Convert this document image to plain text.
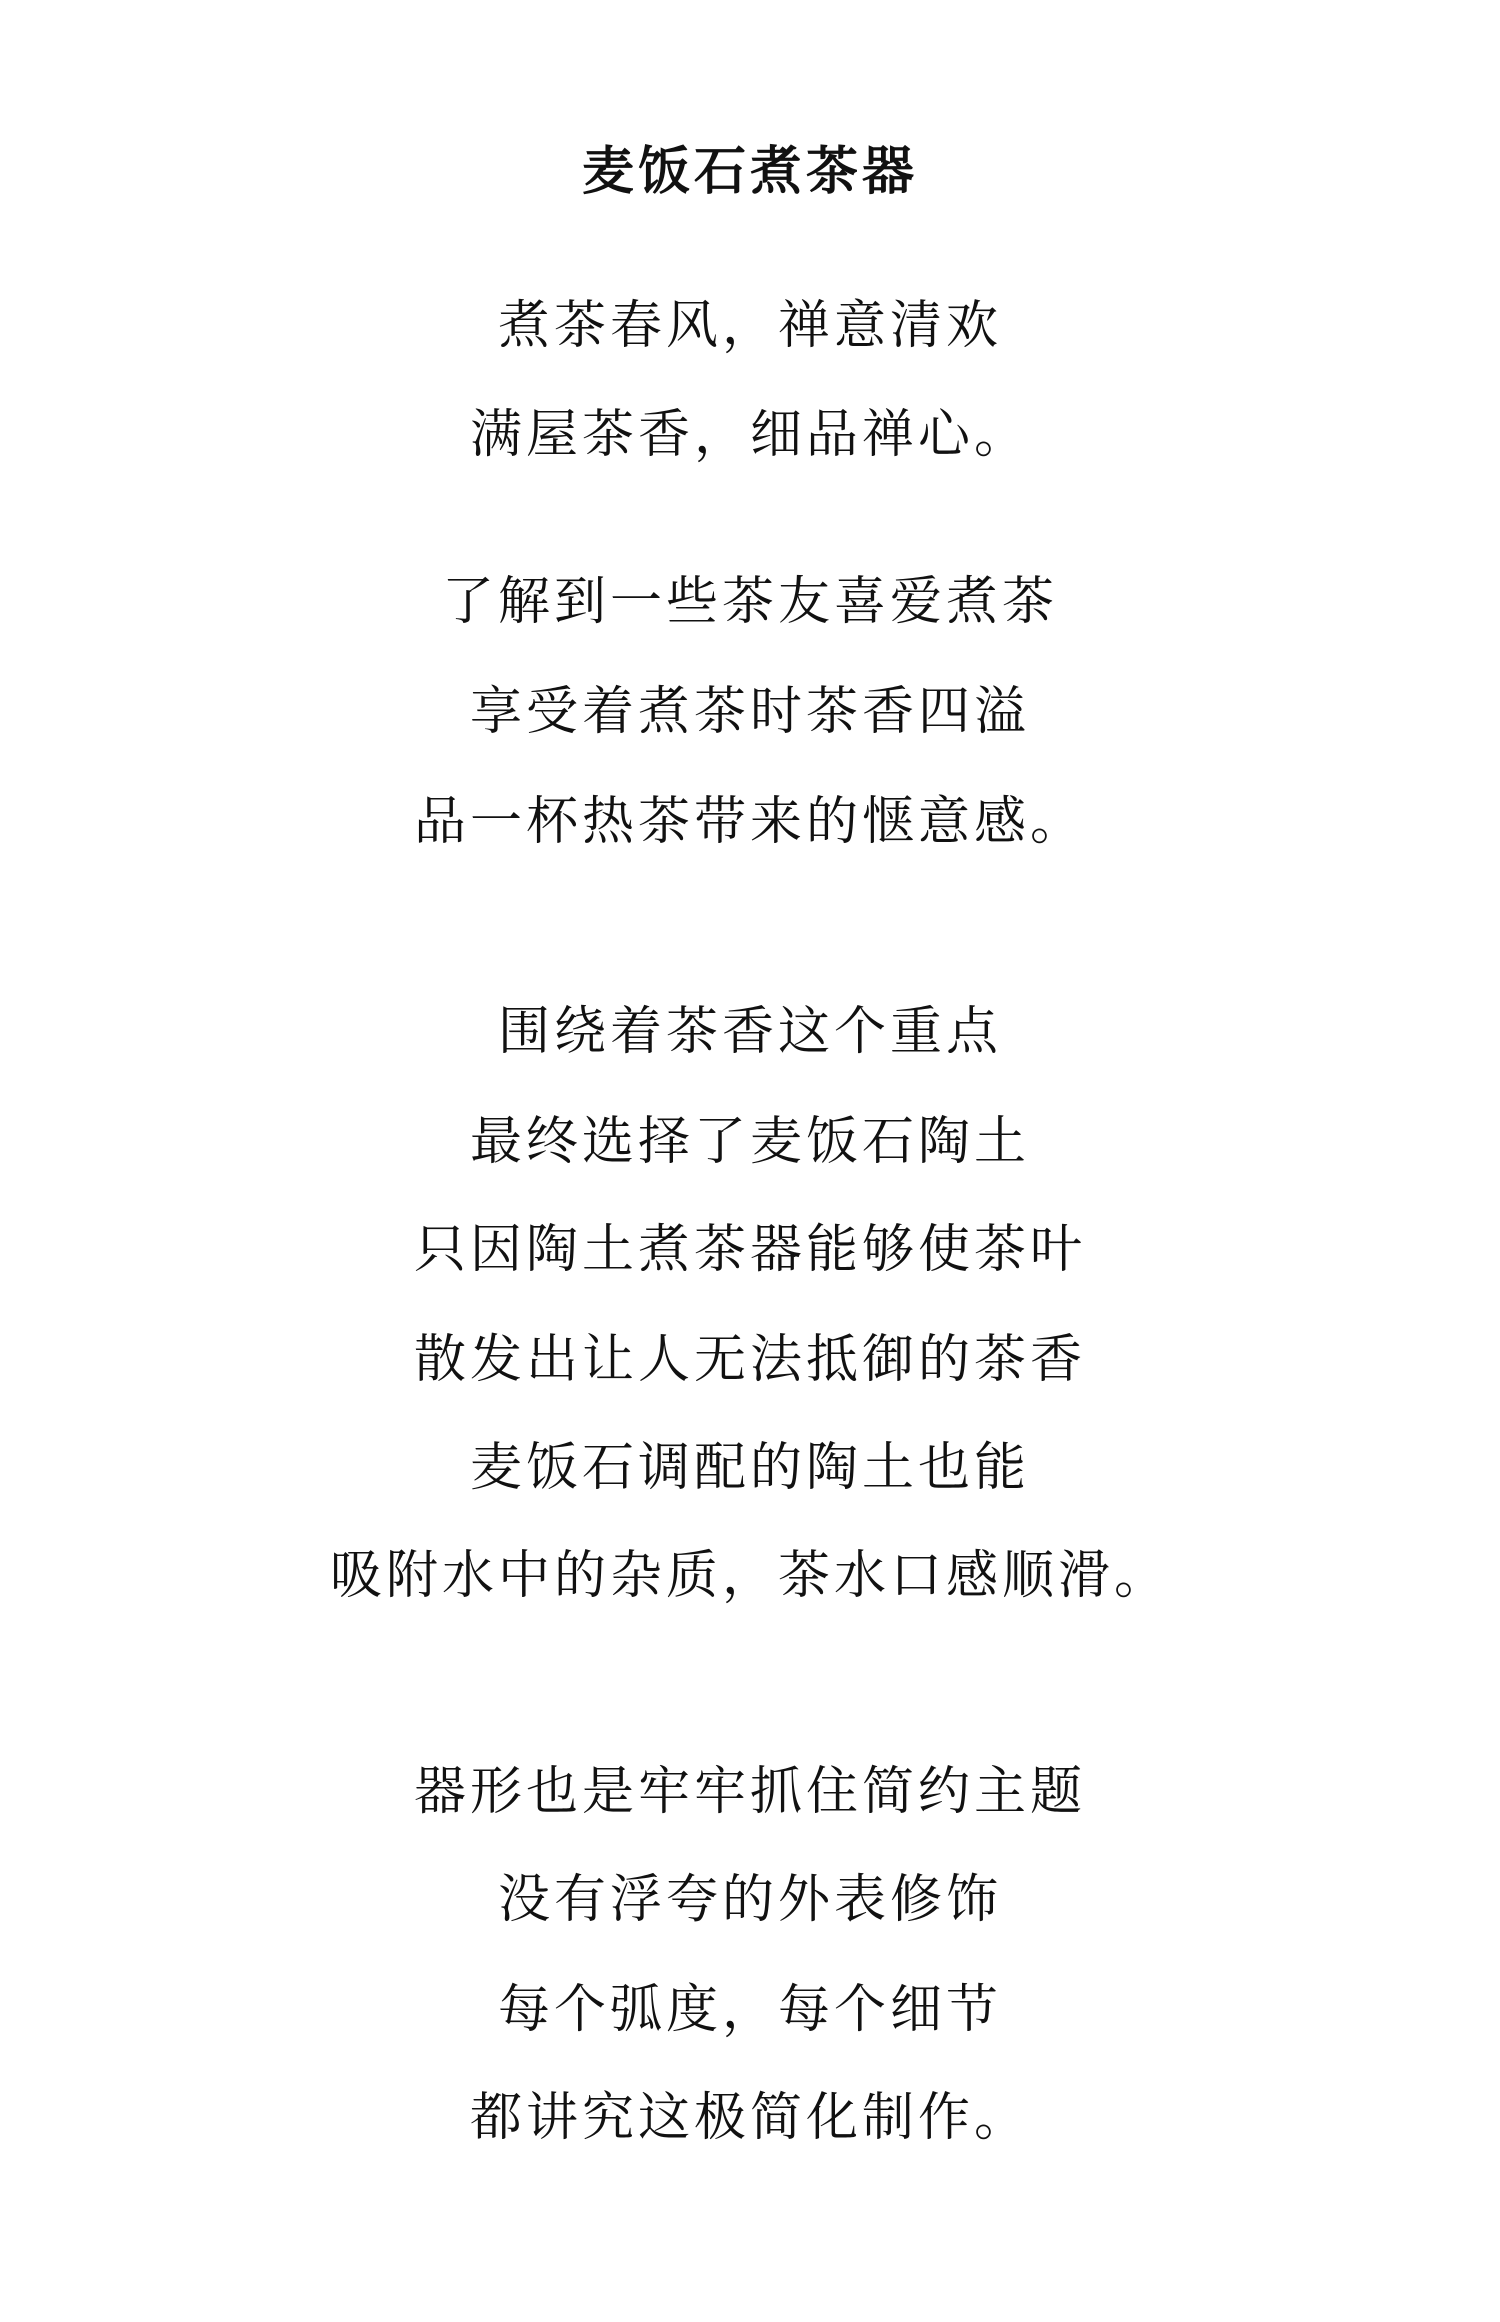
麦饭石煮茶器
煮茶春风，禅意清欢
满屋茶香，细品禅心。
了解到一些茶友喜爱煮茶
享受着煮茶时茶香四溢
品一杯热茶带来的惬意感。
围绕着茶香这个重点
最终选择了麦饭石陶土
只因陶土煮茶器能够使茶叶
散发出让人无法抵御的茶香
麦饭石调配的陶土也能
吸附水中的杂质，茶水口感顺滑。
器形也是牢牢抓住简约主题
没有浮夸的外表修饰
每个弧度，每个细节
都讲究这极简化制作。
